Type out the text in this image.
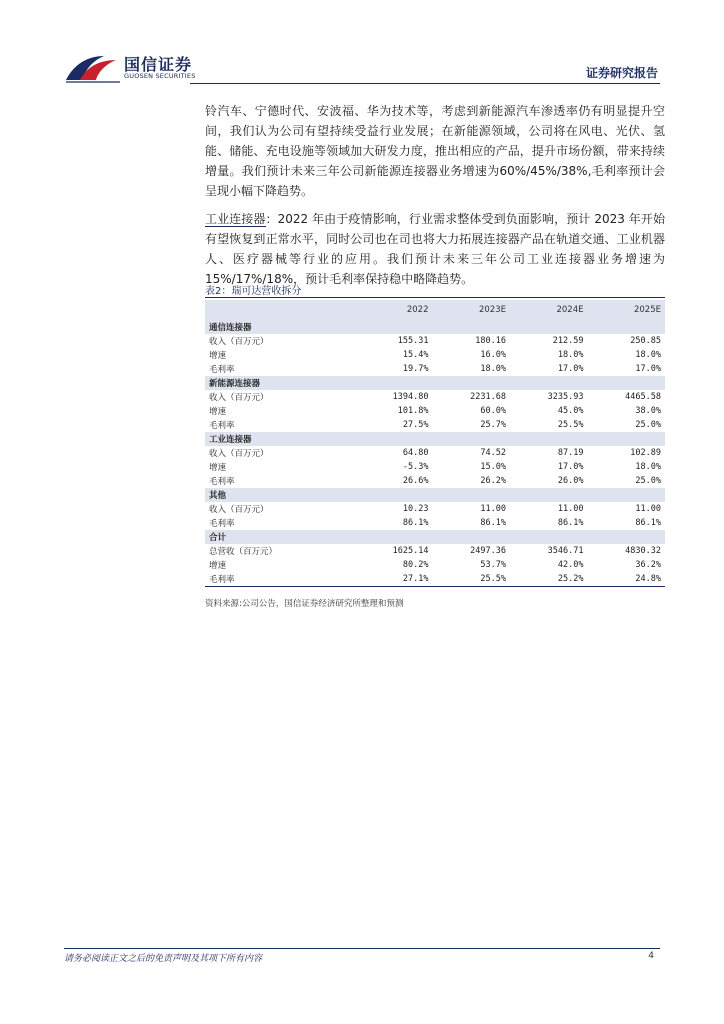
国信证券
GUOSEN SECURITIES	证券研究报告

铃汽车、宁德时代、安波福、华为技术等，考虑到新能源汽车渗透率仍有明显提升空间，我们认为公司有望持续受益行业发展；在新能源领域，公司将在风电、光伏、氢能、储能、充电设施等领域加大研发力度，推出相应的产品，提升市场份额，带来持续增量。我们预计未来三年公司新能源连接器业务增速为60%/45%/38%,毛利率预计会呈现小幅下降趋势。

工业连接器：2022 年由于疫情影响，行业需求整体受到负面影响，预计 2023 年开始有望恢复到正常水平，同时公司也在司也将大力拓展连接器产品在轨道交通、工业机器人、医疗器械等行业的应用。我们预计未来三年公司工业连接器业务增速为 15%/17%/18%，预计毛利率保持稳中略降趋势。

表2：瑞可达营收拆分
	2022	2023E	2024E	2025E
通信连接器				
收入（百万元）	155.31	180.16	212.59	250.85
增速	15.4%	16.0%	18.0%	18.0%
毛利率	19.7%	18.0%	17.0%	17.0%
新能源连接器				
收入（百万元）	1394.80	2231.68	3235.93	4465.58
增速	101.8%	60.0%	45.0%	38.0%
毛利率	27.5%	25.7%	25.5%	25.0%
工业连接器				
收入（百万元）	64.80	74.52	87.19	102.89
增速	-5.3%	15.0%	17.0%	18.0%
毛利率	26.6%	26.2%	26.0%	25.0%
其他				
收入（百万元）	10.23	11.00	11.00	11.00
毛利率	86.1%	86.1%	86.1%	86.1%
合计				
总营收（百万元）	1625.14	2497.36	3546.71	4830.32
增速	80.2%	53.7%	42.0%	36.2%
毛利率	27.1%	25.5%	25.2%	24.8%
资料来源:公司公告，国信证券经济研究所整理和预测
请务必阅读正文之后的免责声明及其项下所有内容	4
